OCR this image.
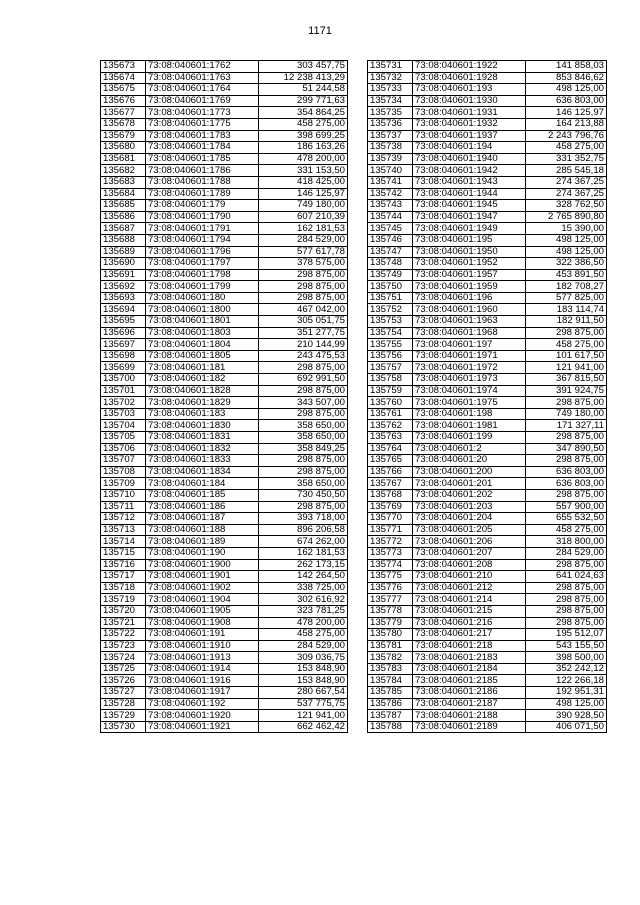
1171
135673	73:08:040601:1762	303 457,75
135674	73:08:040601:1763	12 238 413,29
135675	73:08:040601:1764	51 244,58
135676	73:08:040601:1769	299 771,63
135677	73:08:040601:1773	354 864,25
135678	73:08:040601:1775	458 275,00
135679	73:08:040601:1783	398 699,25
135680	73:08:040601:1784	186 163,26
135681	73:08:040601:1785	478 200,00
135682	73:08:040601:1786	331 153,50
135683	73:08:040601:1788	418 425,00
135684	73:08:040601:1789	146 125,97
135685	73:08:040601:179	749 180,00
135686	73:08:040601:1790	607 210,39
135687	73:08:040601:1791	162 181,53
135688	73:08:040601:1794	284 529,00
135689	73:08:040601:1796	577 617,78
135690	73:08:040601:1797	378 575,00
135691	73:08:040601:1798	298 875,00
135692	73:08:040601:1799	298 875,00
135693	73:08:040601:180	298 875,00
135694	73:08:040601:1800	467 042,00
135695	73:08:040601:1801	305 051,75
135696	73:08:040601:1803	351 277,75
135697	73:08:040601:1804	210 144,99
135698	73:08:040601:1805	243 475,53
135699	73:08:040601:181	298 875,00
135700	73:08:040601:182	692 991,50
135701	73:08:040601:1828	298 875,00
135702	73:08:040601:1829	343 507,00
135703	73:08:040601:183	298 875,00
135704	73:08:040601:1830	358 650,00
135705	73:08:040601:1831	358 650,00
135706	73:08:040601:1832	358 849,25
135707	73:08:040601:1833	298 875,00
135708	73:08:040601:1834	298 875,00
135709	73:08:040601:184	358 650,00
135710	73:08:040601:185	730 450,50
135711	73:08:040601:186	298 875,00
135712	73:08:040601:187	393 718,00
135713	73:08:040601:188	896 206,58
135714	73:08:040601:189	674 262,00
135715	73:08:040601:190	162 181,53
135716	73:08:040601:1900	262 173,15
135717	73:08:040601:1901	142 264,50
135718	73:08:040601:1902	338 725,00
135719	73:08:040601:1904	302 616,92
135720	73:08:040601:1905	323 781,25
135721	73:08:040601:1908	478 200,00
135722	73:08:040601:191	458 275,00
135723	73:08:040601:1910	284 529,00
135724	73:08:040601:1913	309 036,75
135725	73:08:040601:1914	153 848,90
135726	73:08:040601:1916	153 848,90
135727	73:08:040601:1917	280 667,54
135728	73:08:040601:192	537 775,75
135729	73:08:040601:1920	121 941,00
135730	73:08:040601:1921	662 462,42
135731	73:08:040601:1922	141 858,03
135732	73:08:040601:1928	853 846,62
135733	73:08:040601:193	498 125,00
135734	73:08:040601:1930	636 803,00
135735	73:08:040601:1931	146 125,97
135736	73:08:040601:1932	164 213,88
135737	73:08:040601:1937	2 243 796,76
135738	73:08:040601:194	458 275,00
135739	73:08:040601:1940	331 352,75
135740	73:08:040601:1942	285 545,18
135741	73:08:040601:1943	274 367,25
135742	73:08:040601:1944	274 367,25
135743	73:08:040601:1945	328 762,50
135744	73:08:040601:1947	2 765 890,80
135745	73:08:040601:1949	15 390,00
135746	73:08:040601:195	498 125,00
135747	73:08:040601:1950	498 125,00
135748	73:08:040601:1952	322 386,50
135749	73:08:040601:1957	453 891,50
135750	73:08:040601:1959	182 708,27
135751	73:08:040601:196	577 825,00
135752	73:08:040601:1960	183 114,74
135753	73:08:040601:1963	182 911,50
135754	73:08:040601:1968	298 875,00
135755	73:08:040601:197	458 275,00
135756	73:08:040601:1971	101 617,50
135757	73:08:040601:1972	121 941,00
135758	73:08:040601:1973	367 815,50
135759	73:08:040601:1974	391 924,75
135760	73:08:040601:1975	298 875,00
135761	73:08:040601:198	749 180,00
135762	73:08:040601:1981	171 327,11
135763	73:08:040601:199	298 875,00
135764	73:08:040601:2	347 890,50
135765	73:08:040601:20	298 875,00
135766	73:08:040601:200	636 803,00
135767	73:08:040601:201	636 803,00
135768	73:08:040601:202	298 875,00
135769	73:08:040601:203	557 900,00
135770	73:08:040601:204	655 532,50
135771	73:08:040601:205	458 275,00
135772	73:08:040601:206	318 800,00
135773	73:08:040601:207	284 529,00
135774	73:08:040601:208	298 875,00
135775	73:08:040601:210	641 024,63
135776	73:08:040601:212	298 875,00
135777	73:08:040601:214	298 875,00
135778	73:08:040601:215	298 875,00
135779	73:08:040601:216	298 875,00
135780	73:08:040601:217	195 512,07
135781	73:08:040601:218	543 155,50
135782	73:08:040601:2183	398 500,00
135783	73:08:040601:2184	352 242,12
135784	73:08:040601:2185	122 266,18
135785	73:08:040601:2186	192 951,31
135786	73:08:040601:2187	498 125,00
135787	73:08:040601:2188	390 928,50
135788	73:08:040601:2189	406 071,50
